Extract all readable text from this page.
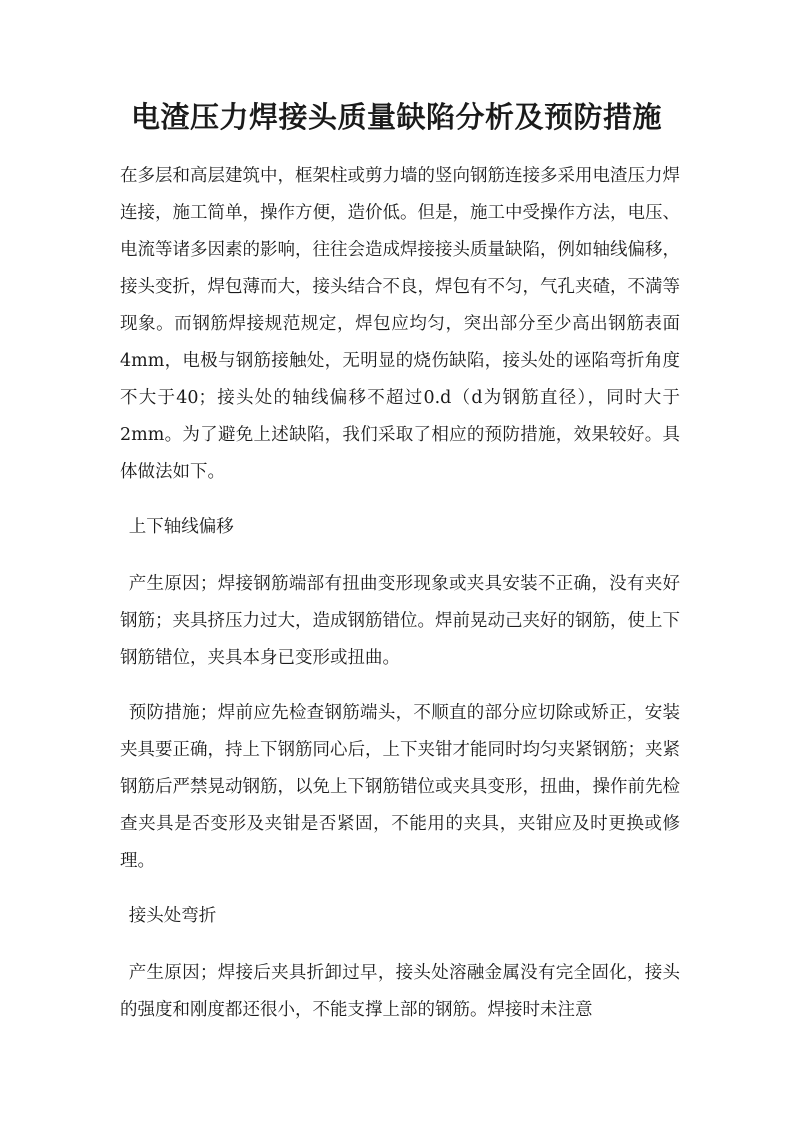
电渣压力焊接头质量缺陷分析及预防措施

在多层和高层建筑中，框架柱或剪力墙的竖向钢筋连接多采用电渣压力焊连接，施工简单，操作方便，造价低。但是，施工中受操作方法，电压、电流等诸多因素的影响，往往会造成焊接接头质量缺陷，例如轴线偏移，接头变折，焊包薄而大，接头结合不良，焊包有不匀，气孔夹碴，不満等现象。而钢筋焊接规范规定，焊包应均匀，突出部分至少高出钢筋表面4mm，电极与钢筋接触处，无明显的烧伤缺陷，接头处的诬陷弯折角度不大于40；接头处的轴线偏移不超过0.d（d为钢筋直径），同时大于2mm。为了避免上述缺陷，我们采取了相应的预防措施，效果较好。具体做法如下。

上下轴线偏移

产生原因；焊接钢筋端部有扭曲变形现象或夹具安装不正确，没有夹好钢筋；夹具挤压力过大，造成钢筋错位。焊前晃动己夹好的钢筋，使上下钢筋错位，夹具本身已变形或扭曲。

预防措施；焊前应先检查钢筋端头，不顺直的部分应切除或矫正，安装夹具要正确，持上下钢筋同心后，上下夹钳才能同时均匀夹紧钢筋；夹紧钢筋后严禁晃动钢筋，以免上下钢筋错位或夹具变形，扭曲，操作前先检查夹具是否变形及夹钳是否紧固，不能用的夹具，夹钳应及时更换或修理。

接头处弯折

产生原因；焊接后夹具折卸过早，接头处溶融金属没有完全固化，接头的强度和刚度都还很小，不能支撑上部的钢筋。焊接时未注意
